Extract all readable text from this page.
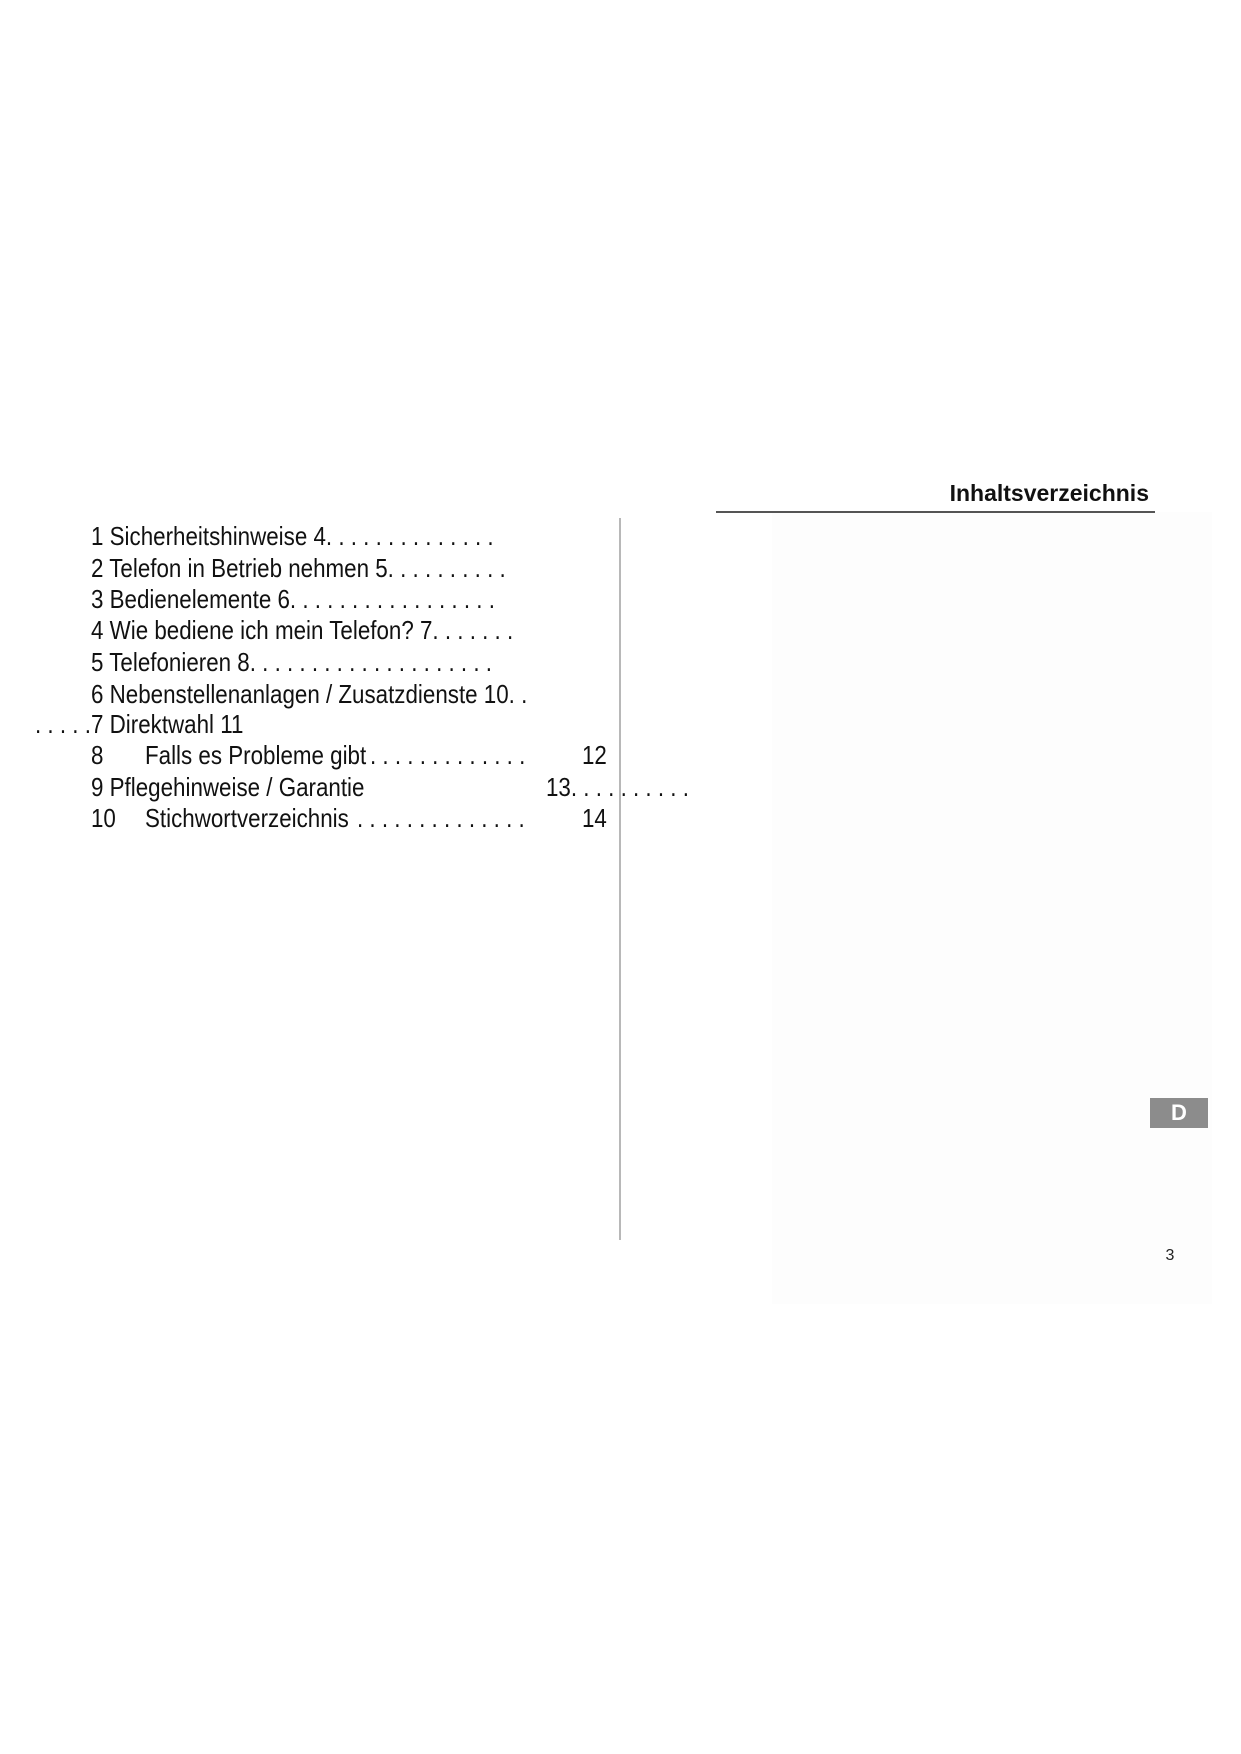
Inhaltsverzeichnis
1 Sicherheitshinweise 4. . . . . . . . . . . . . .
2 Telefon in Betrieb nehmen 5. . . . . . . . . .
3 Bedienelemente 6. . . . . . . . . . . . . . . . .
4 Wie bediene ich mein Telefon? 7. . . . . . .
5 Telefonieren 8. . . . . . . . . . . . . . . . . . . .
6 Nebenstellenanlagen / Zusatzdienste 10. .
. . . . . 7 Direktwahl 11
8 Falls es Probleme gibt . . . . . . . . . . . . . 12
9 Pflegehinweise / Garantie	13. . . . . . . . . .
10 Stichwortverzeichnis . . . . . . . . . . . . . . 14
D
3
